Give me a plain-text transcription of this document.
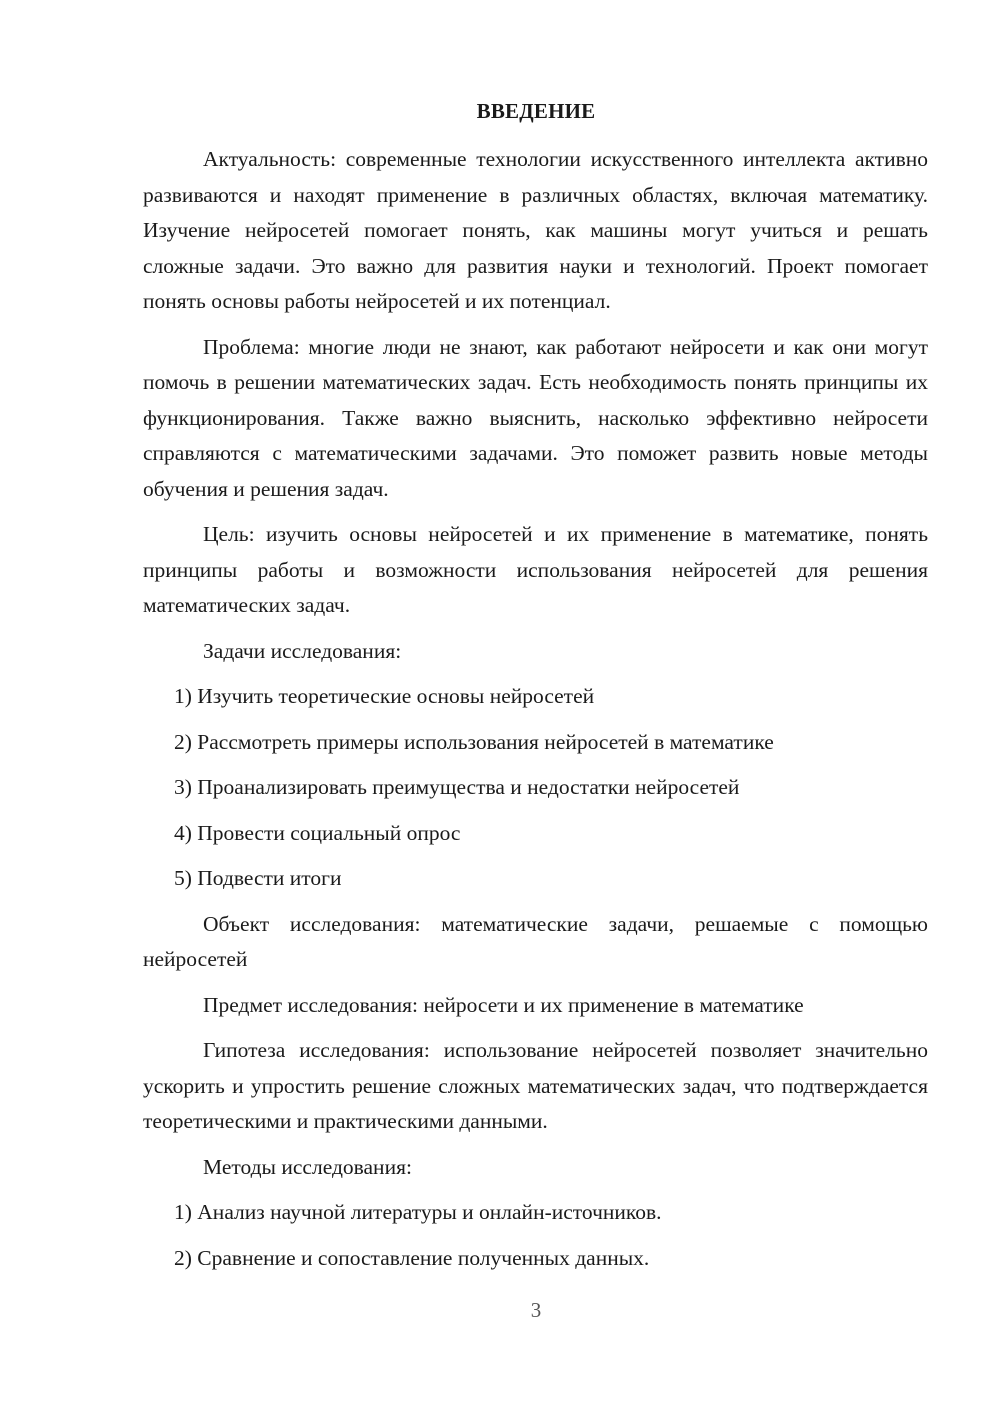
ВВЕДЕНИЕ

Актуальность: современные технологии искусственного интеллекта активно развиваются и находят применение в различных областях, включая математику. Изучение нейросетей помогает понять, как машины могут учиться и решать сложные задачи. Это важно для развития науки и технологий. Проект помогает понять основы работы нейросетей и их потенциал.

Проблема: многие люди не знают, как работают нейросети и как они могут помочь в решении математических задач. Есть необходимость понять принципы их функционирования. Также важно выяснить, насколько эффективно нейросети справляются с математическими задачами. Это поможет развить новые методы обучения и решения задач.

Цель: изучить основы нейросетей и их применение в математике, понять принципы работы и возможности использования нейросетей для решения математических задач.

Задачи исследования:

1) Изучить теоретические основы нейросетей
2) Рассмотреть примеры использования нейросетей в математике
3) Проанализировать преимущества и недостатки нейросетей
4) Провести социальный опрос
5) Подвести итоги

Объект исследования: математические задачи, решаемые с помощью нейросетей

Предмет исследования: нейросети и их применение в математике

Гипотеза исследования: использование нейросетей позволяет значительно ускорить и упростить решение сложных математических задач, что подтверждается теоретическими и практическими данными.

Методы исследования:

1) Анализ научной литературы и онлайн-источников.
2) Сравнение и сопоставление полученных данных.
3
